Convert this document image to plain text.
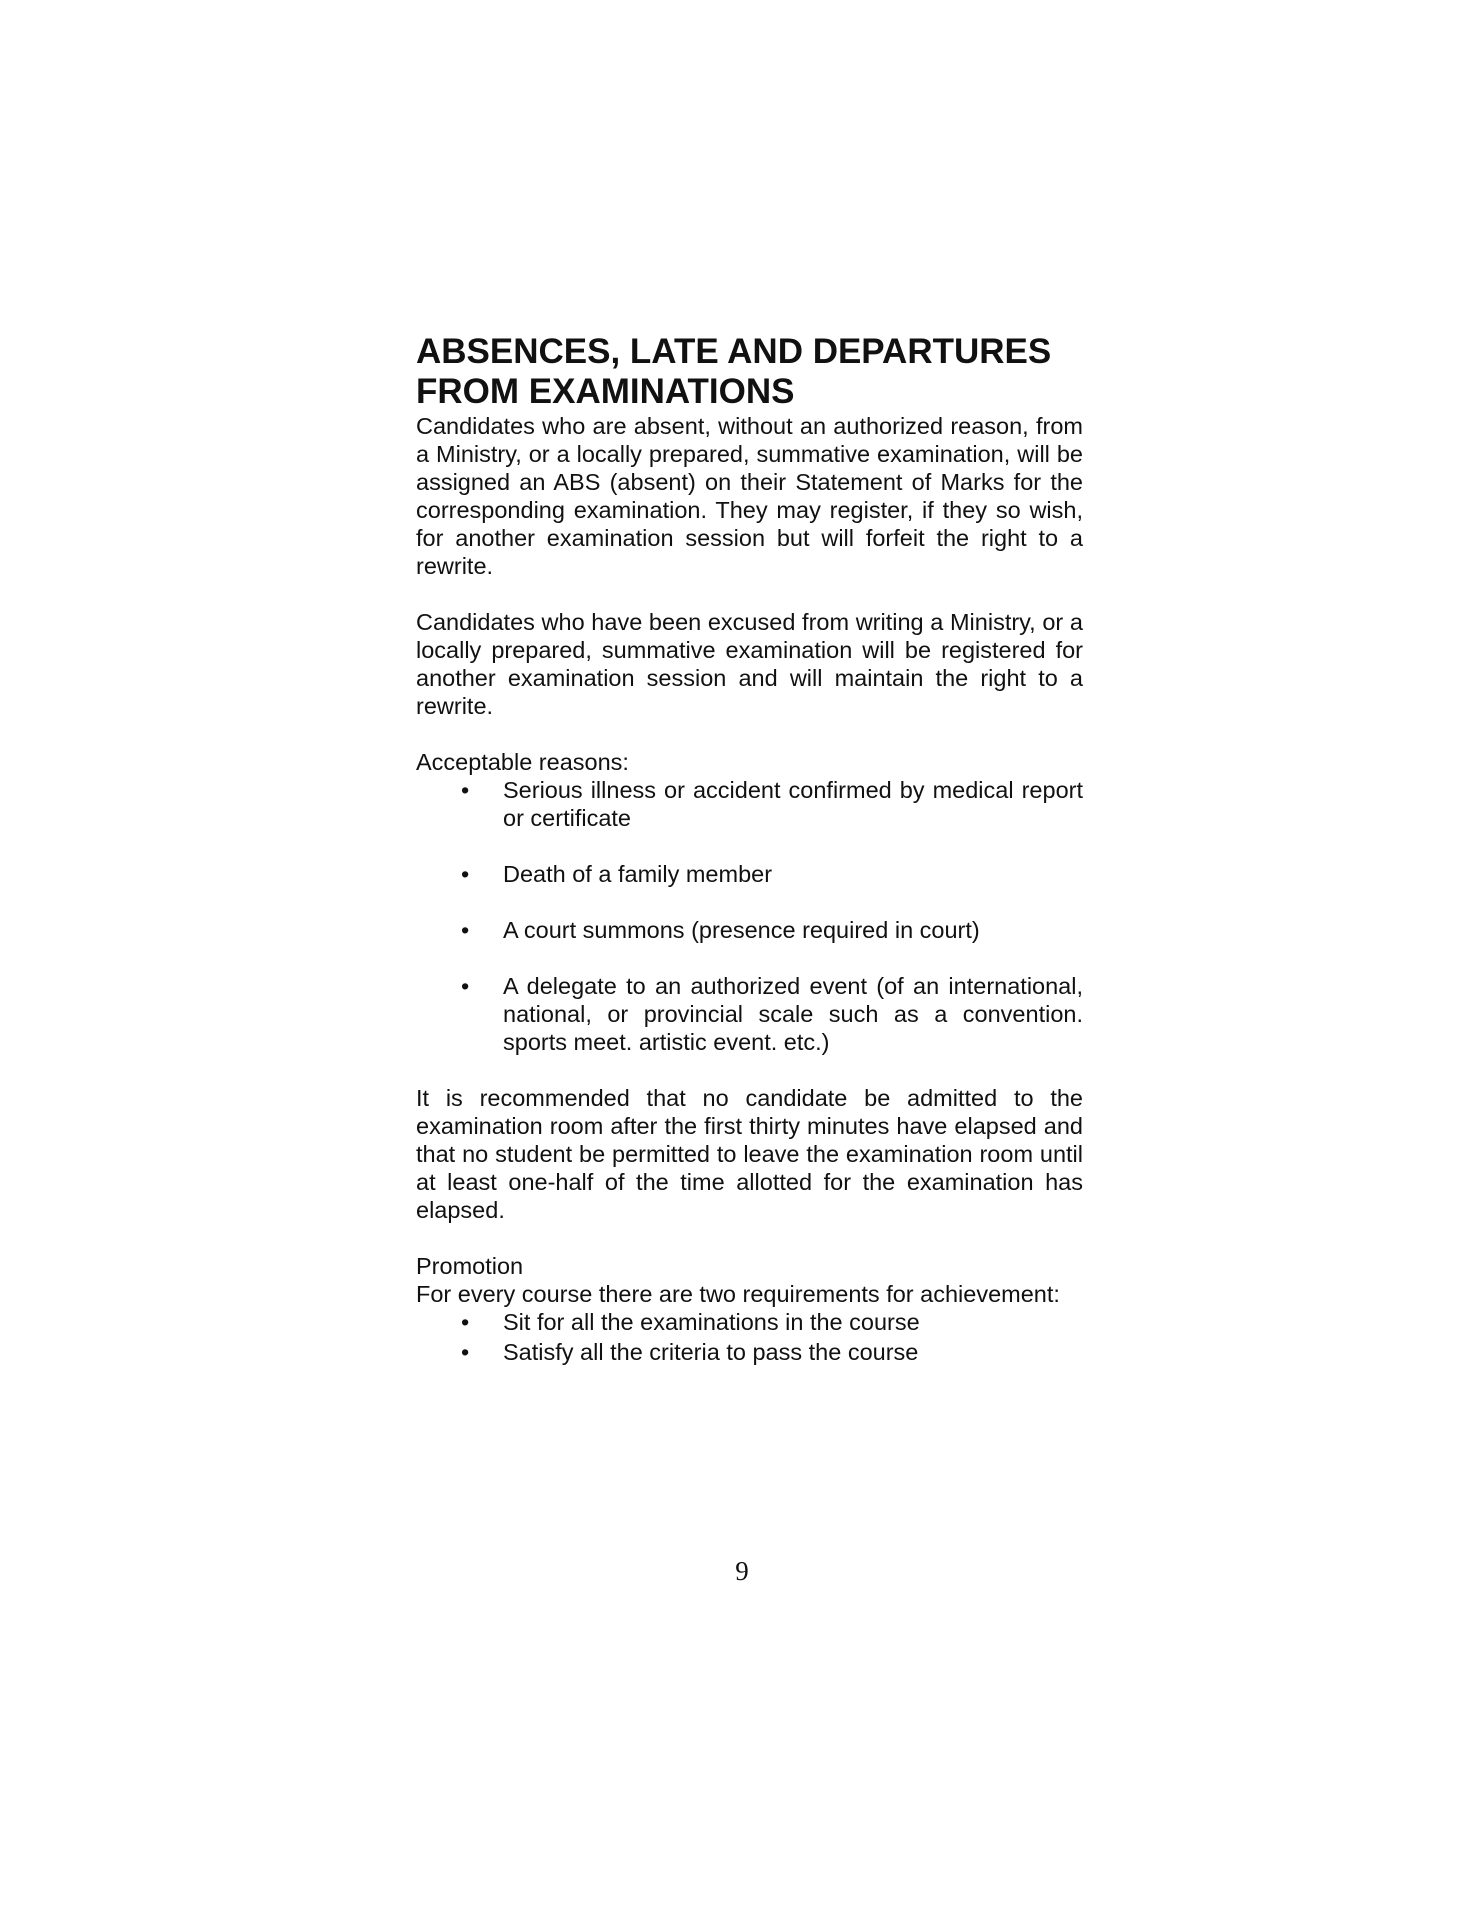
ABSENCES, LATE AND DEPARTURES
FROM EXAMINATIONS

Candidates who are absent, without an authorized reason, from a Ministry, or a locally prepared, summative examination, will be assigned an ABS (absent) on their Statement of Marks for the corresponding examination. They may register, if they so wish, for another examination session but will forfeit the right to a rewrite.

Candidates who have been excused from writing a Ministry, or a locally prepared, summative examination will be registered for another examination session and will maintain the right to a rewrite.

Acceptable reasons:

• Serious illness or accident confirmed by medical report or certificate
• Death of a family member
• A court summons (presence required in court)
• A delegate to an authorized event (of an international, national, or provincial scale such as a convention. sports meet. artistic event. etc.)

It is recommended that no candidate be admitted to the examination room after the first thirty minutes have elapsed and that no student be permitted to leave the examination room until at least one-half of the time allotted for the examination has elapsed.

Promotion

For every course there are two requirements for achievement:

• Sit for all the examinations in the course
• Satisfy all the criteria to pass the course
9
